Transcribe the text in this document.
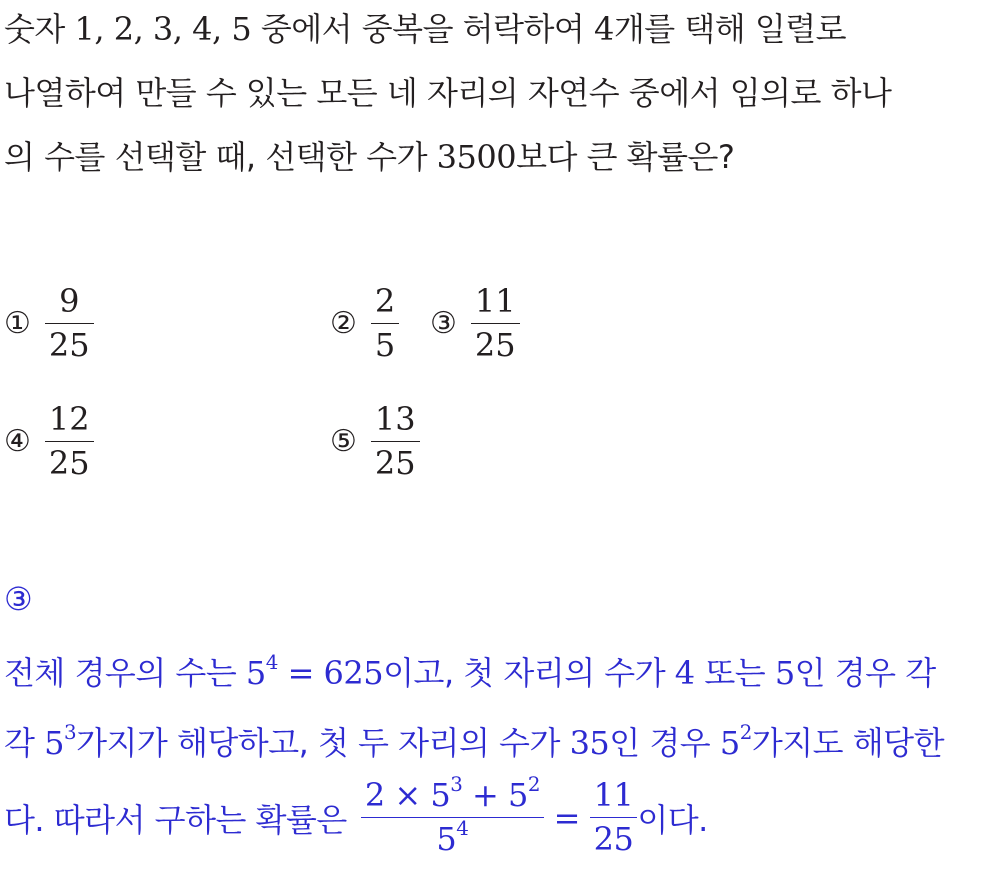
숫자 1, 2, 3, 4, 5 중에서 중복을 허락하여 4개를 택해 일렬로
나열하여 만들 수 있는 모든 네 자리의 자연수 중에서 임의로 하나
의 수를 선택할 때, 선택한 수가 3500보다 큰 확률은?
① $\frac{9}{25}$	② $\frac{2}{5}$ ③ $\frac{11}{25}$
④ $\frac{12}{25}$	⑤ $\frac{13}{25}$
③
전체 경우의 수는 $5^4 = 625$이고, 첫 자리의 수가 4 또는 5인 경우 각
각 $5^3$가지가 해당하고, 첫 두 자리의 수가 35인 경우 $5^2$가지도 해당한
다. 따라서 구하는 확률은 $\frac{2 \times 5^3 + 5^2}{5^4} = \frac{11}{25}$ 이다.
